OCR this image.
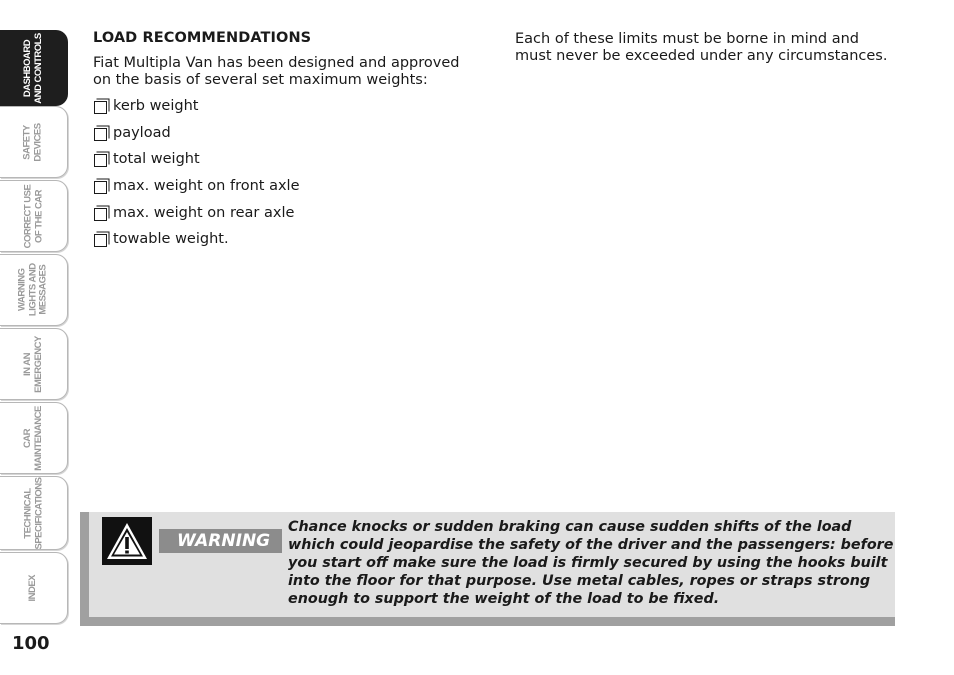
DASHBOARD
AND CONTROLS
SAFETY
DEVICES
CORRECT USE
OF THE CAR
WARNING
LIGHTS AND
MESSAGES
IN AN
EMERGENCY
CAR
MAINTENANCE
TECHNICAL
SPECIFICATIONS
INDEX
100
LOAD RECOMMENDATIONS

Fiat Multipla Van has been designed and approved on the basis of several set maximum weights:

kerb weight
payload
total weight
max. weight on front axle
max. weight on rear axle
towable weight.

Each of these limits must be borne in mind and must never be exceeded under any circumstances.

WARNING
Chance knocks or sudden braking can cause sudden shifts of the load which could jeopardise the safety of the driver and the passengers: before you start off make sure the load is firmly secured by using the hooks built into the floor for that purpose. Use metal cables, ropes or straps strong enough to support the weight of the load to be fixed.
